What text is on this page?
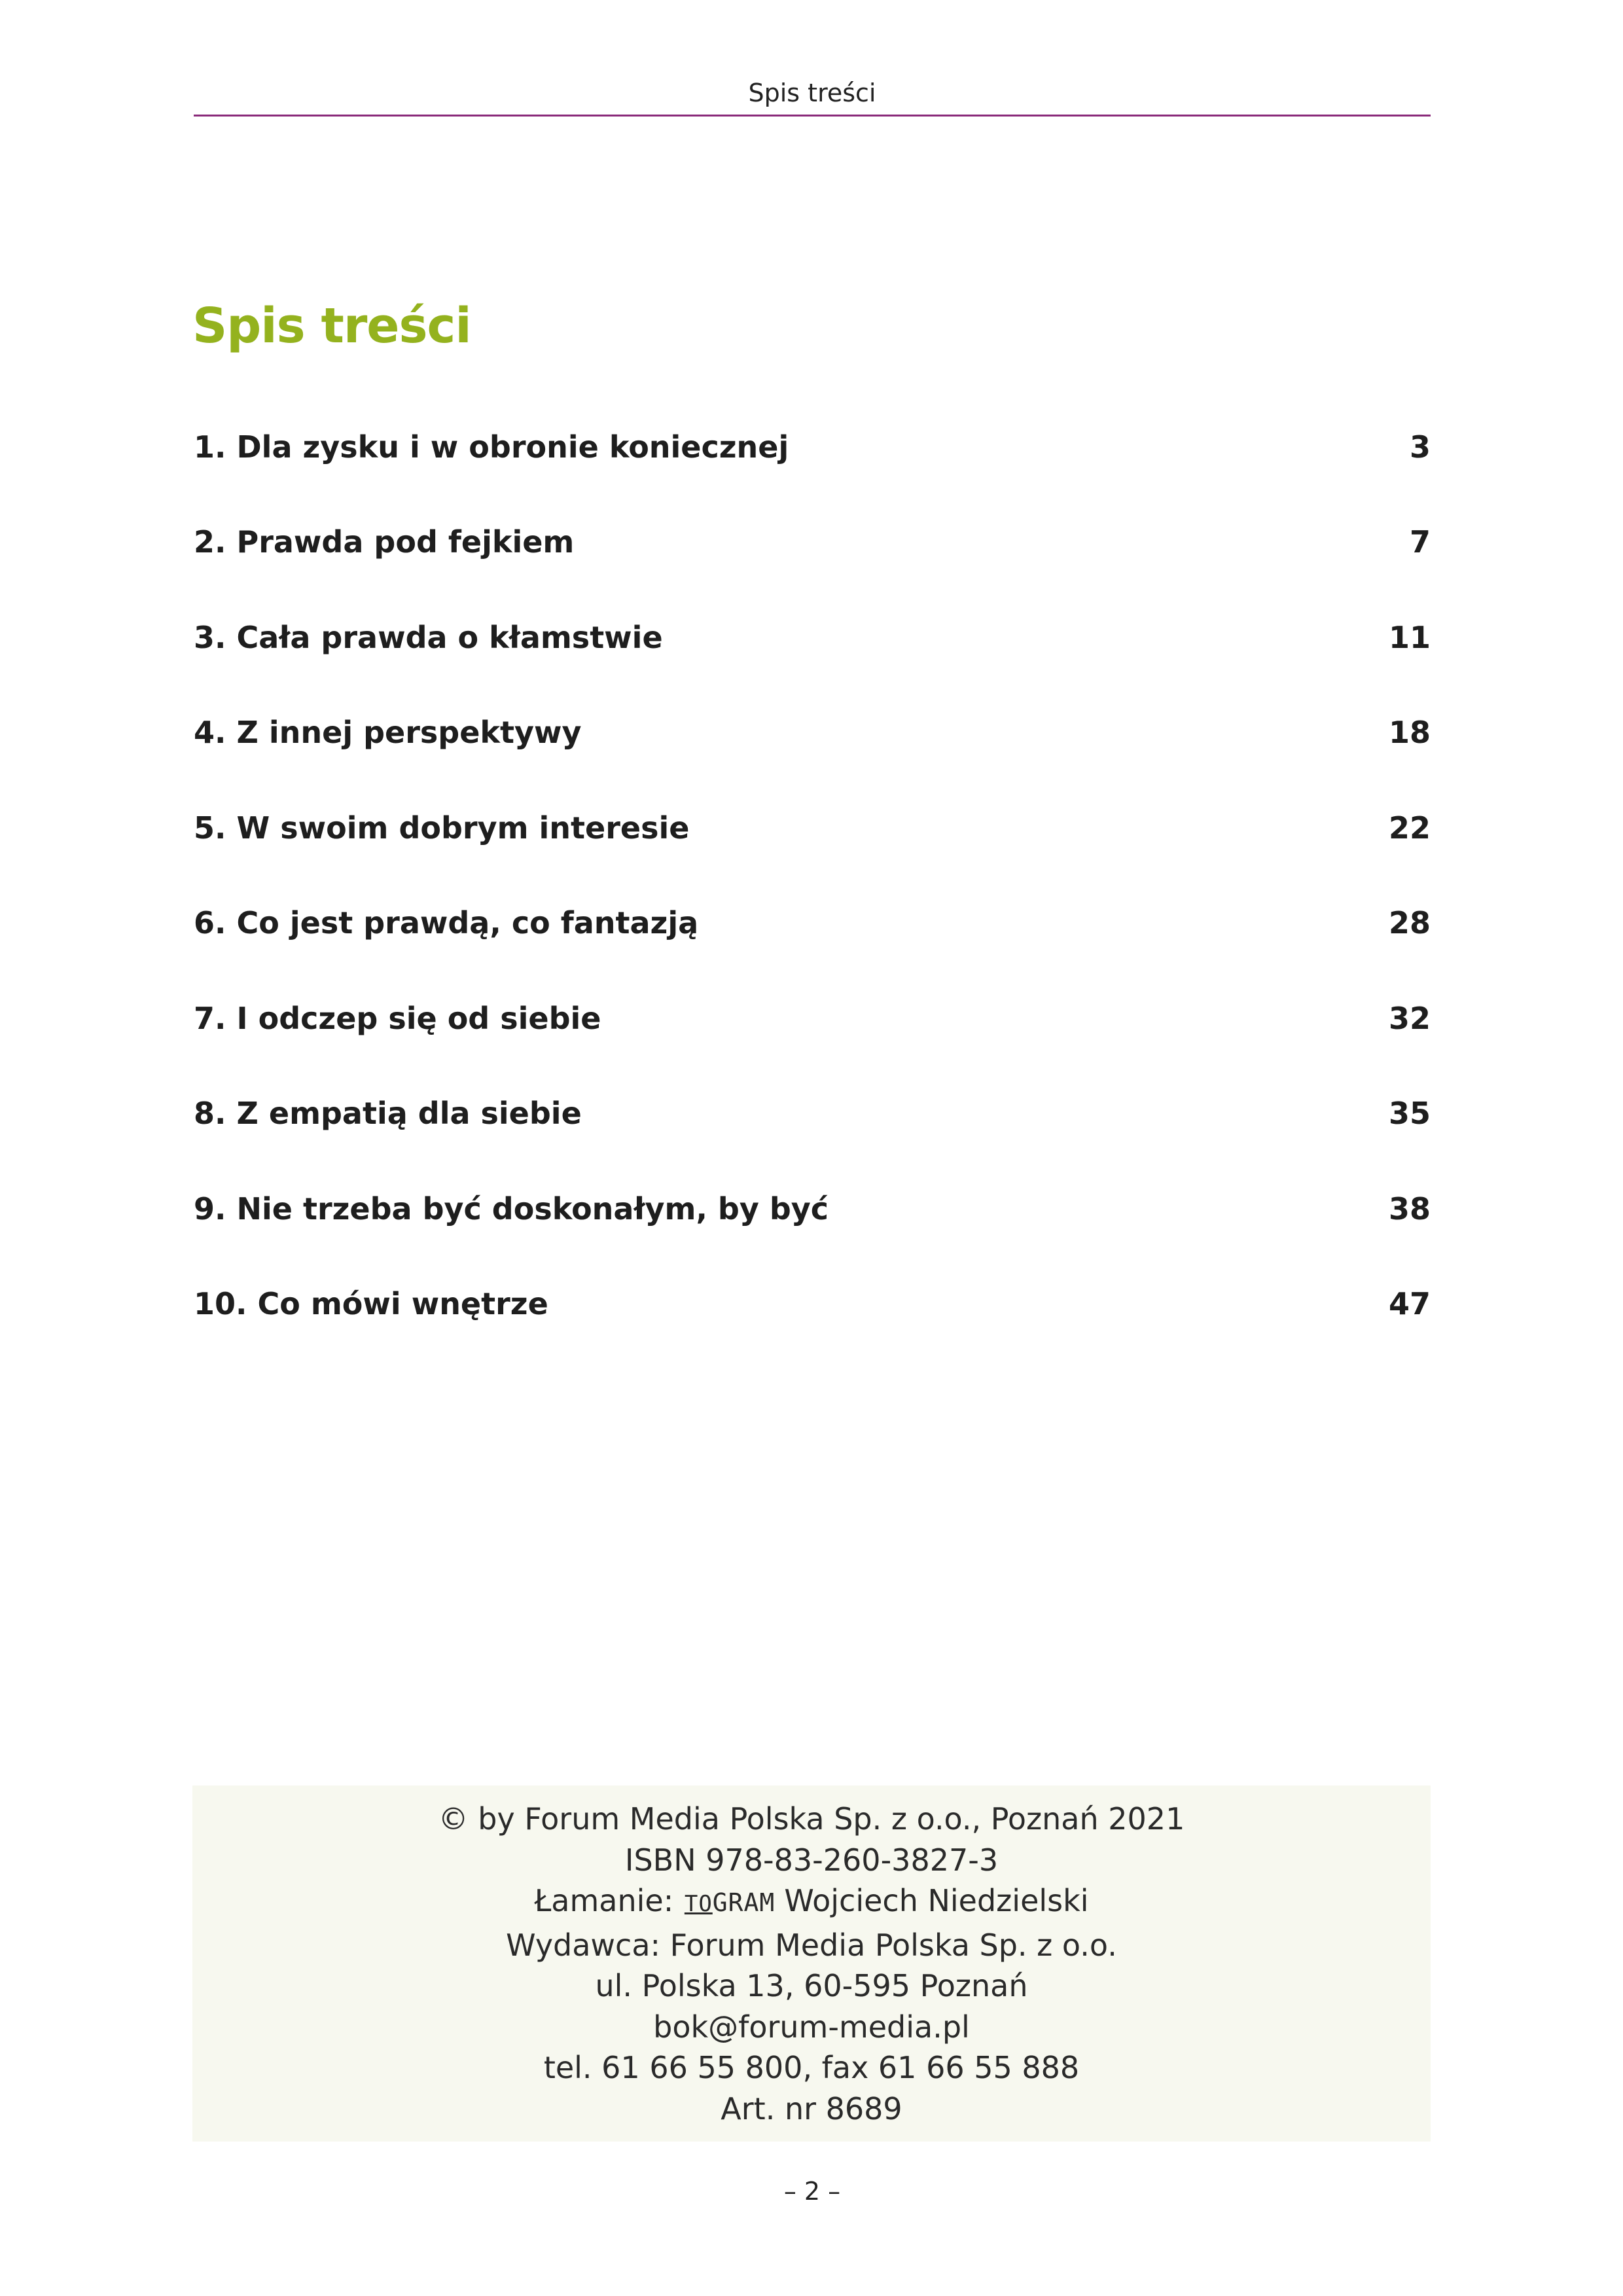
Spis treści
Spis treści
1. Dla zysku i w obronie koniecznej	3
2. Prawda pod fejkiem	7
3. Cała prawda o kłamstwie	11
4. Z innej perspektywy	18
5. W swoim dobrym interesie	22
6. Co jest prawdą, co fantazją	28
7. I odczep się od siebie	32
8. Z empatią dla siebie	35
9. Nie trzeba być doskonałym, by być	38
10. Co mówi wnętrze	47
© by Forum Media Polska Sp. z o.o., Poznań 2021
ISBN 978-83-260-3827-3
Łamanie: TOGRAM Wojciech Niedzielski
Wydawca: Forum Media Polska Sp. z o.o.
ul. Polska 13, 60-595 Poznań
bok@forum-media.pl
tel. 61 66 55 800, fax 61 66 55 888
Art. nr 8689
– 2 –
